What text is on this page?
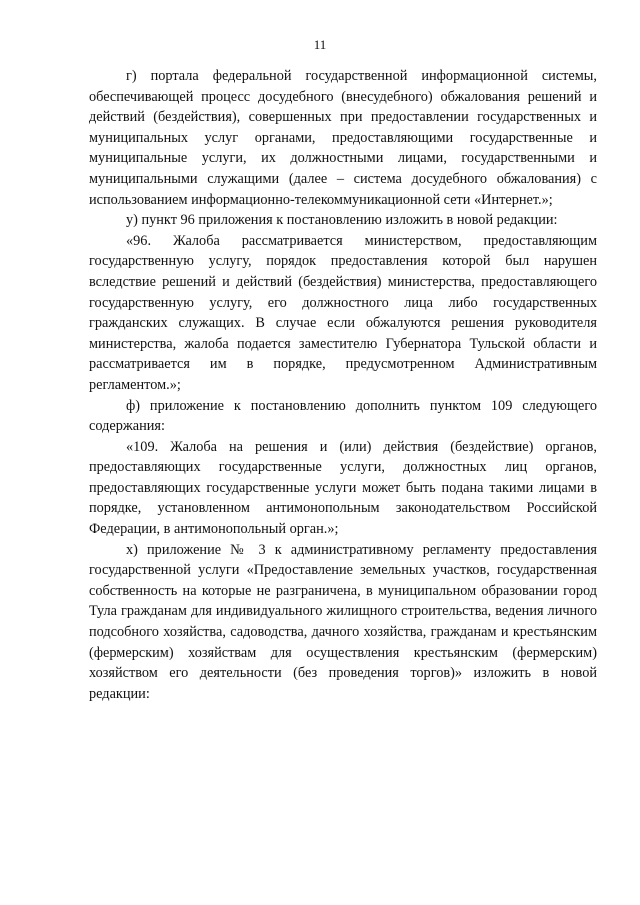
11

г) портала федеральной государственной информационной системы, обеспечивающей процесс досудебного (внесудебного) обжалования решений и действий (бездействия), совершенных при предоставлении государственных и муниципальных услуг органами, предоставляющими государственные и муниципальные услуги, их должностными лицами, государственными и муниципальными служащими (далее – система досудебного обжалования) с использованием информационно-телекоммуникационной сети «Интернет.»;

у) пункт 96 приложения к постановлению изложить в новой редакции:

«96. Жалоба рассматривается министерством, предоставляющим государственную услугу, порядок предоставления которой был нарушен вследствие решений и действий (бездействия) министерства, предоставляющего государственную услугу, его должностного лица либо государственных гражданских служащих. В случае если обжалуются решения руководителя министерства, жалоба подается заместителю Губернатора Тульской области и рассматривается им в порядке, предусмотренном Административным регламентом.»;

ф) приложение к постановлению дополнить пунктом 109 следующего содержания:

«109. Жалоба на решения и (или) действия (бездействие) органов, предоставляющих государственные услуги, должностных лиц органов, предоставляющих государственные услуги может быть подана такими лицами в порядке, установленном антимонопольным законодательством Российской Федерации, в антимонопольный орган.»;

х) приложение № 3 к административному регламенту предоставления государственной услуги «Предоставление земельных участков, государственная собственность на которые не разграничена, в муниципальном образовании город Тула гражданам для индивидуального жилищного строительства, ведения личного подсобного хозяйства, садоводства, дачного хозяйства, гражданам и крестьянским (фермерским) хозяйствам для осуществления крестьянским (фермерским) хозяйством его деятельности (без проведения торгов)» изложить в новой редакции:
